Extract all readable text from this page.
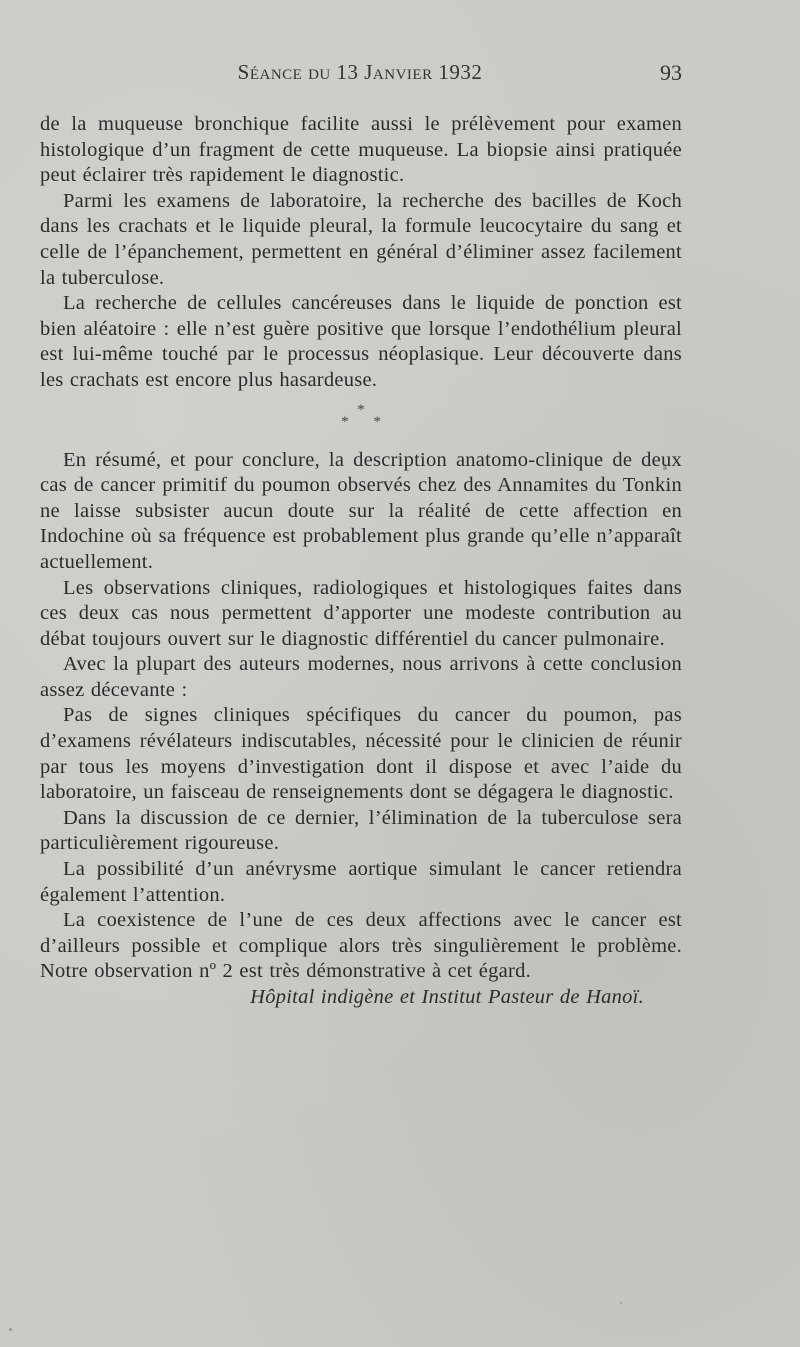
Séance du 13 Janvier 1932	93

de la muqueuse bronchique facilite aussi le prélèvement pour examen histologique d’un fragment de cette muqueuse. La biopsie ainsi pratiquée peut éclairer très rapidement le diagnostic.

Parmi les examens de laboratoire, la recherche des bacilles de Koch dans les crachats et le liquide pleural, la formule leucocytaire du sang et celle de l’épanchement, permettent en général d’éliminer assez facilement la tuberculose.

La recherche de cellules cancéreuses dans le liquide de ponction est bien aléatoire : elle n’est guère positive que lorsque l’endothélium pleural est lui-même touché par le processus néoplasique. Leur découverte dans les crachats est encore plus hasardeuse.

*
* *

En résumé, et pour conclure, la description anatomo-clinique de deux cas de cancer primitif du poumon observés chez des Annamites du Tonkin ne laisse subsister aucun doute sur la réalité de cette affection en Indochine où sa fréquence est probablement plus grande qu’elle n’apparaît actuellement.

Les observations cliniques, radiologiques et histologiques faites dans ces deux cas nous permettent d’apporter une modeste contribution au débat toujours ouvert sur le diagnostic différentiel du cancer pulmonaire.

Avec la plupart des auteurs modernes, nous arrivons à cette conclusion assez décevante :

Pas de signes cliniques spécifiques du cancer du poumon, pas d’examens révélateurs indiscutables, nécessité pour le clinicien de réunir par tous les moyens d’investigation dont il dispose et avec l’aide du laboratoire, un faisceau de renseignements dont se dégagera le diagnostic.

Dans la discussion de ce dernier, l’élimination de la tuberculose sera particulièrement rigoureuse.

La possibilité d’un anévrysme aortique simulant le cancer retiendra également l’attention.

La coexistence de l’une de ces deux affections avec le cancer est d’ailleurs possible et complique alors très singulièrement le problème. Notre observation nº 2 est très démonstrative à cet égard.

Hôpital indigène et Institut Pasteur de Hanoï.
